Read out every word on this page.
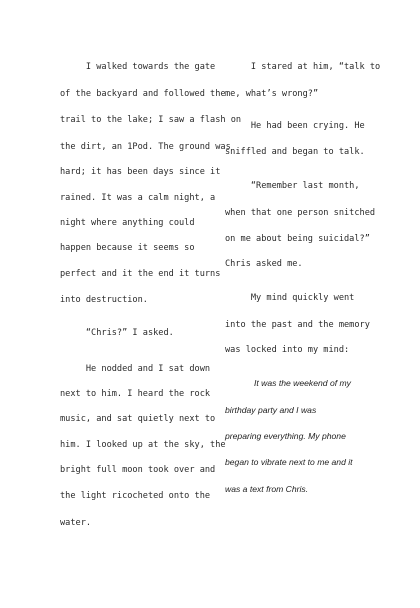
I walked towards the gate
of the backyard and followed the
trail to the lake; I saw a flash on
the dirt, an 1Pod. The ground was
hard; it has been days since it
rained. It was a calm night, a
night where anything could
happen because it seems so
perfect and it the end it turns
into destruction.
“Chris?” I asked.
He nodded and I sat down
next to him. I heard the rock
music, and sat quietly next to
him. I looked up at the sky, the
bright full moon took over and
the light ricocheted onto the
water.
I stared at him, “talk to
me, what’s wrong?”
He had been crying. He
sniffled and began to talk.
“Remember last month,
when that one person snitched
on me about being suicidal?”
Chris asked me.
My mind quickly went
into the past and the memory
was locked into my mind:
It was the weekend of my
birthday party and I was
preparing everything. My phone
began to vibrate next to me and it
was a text from Chris.
